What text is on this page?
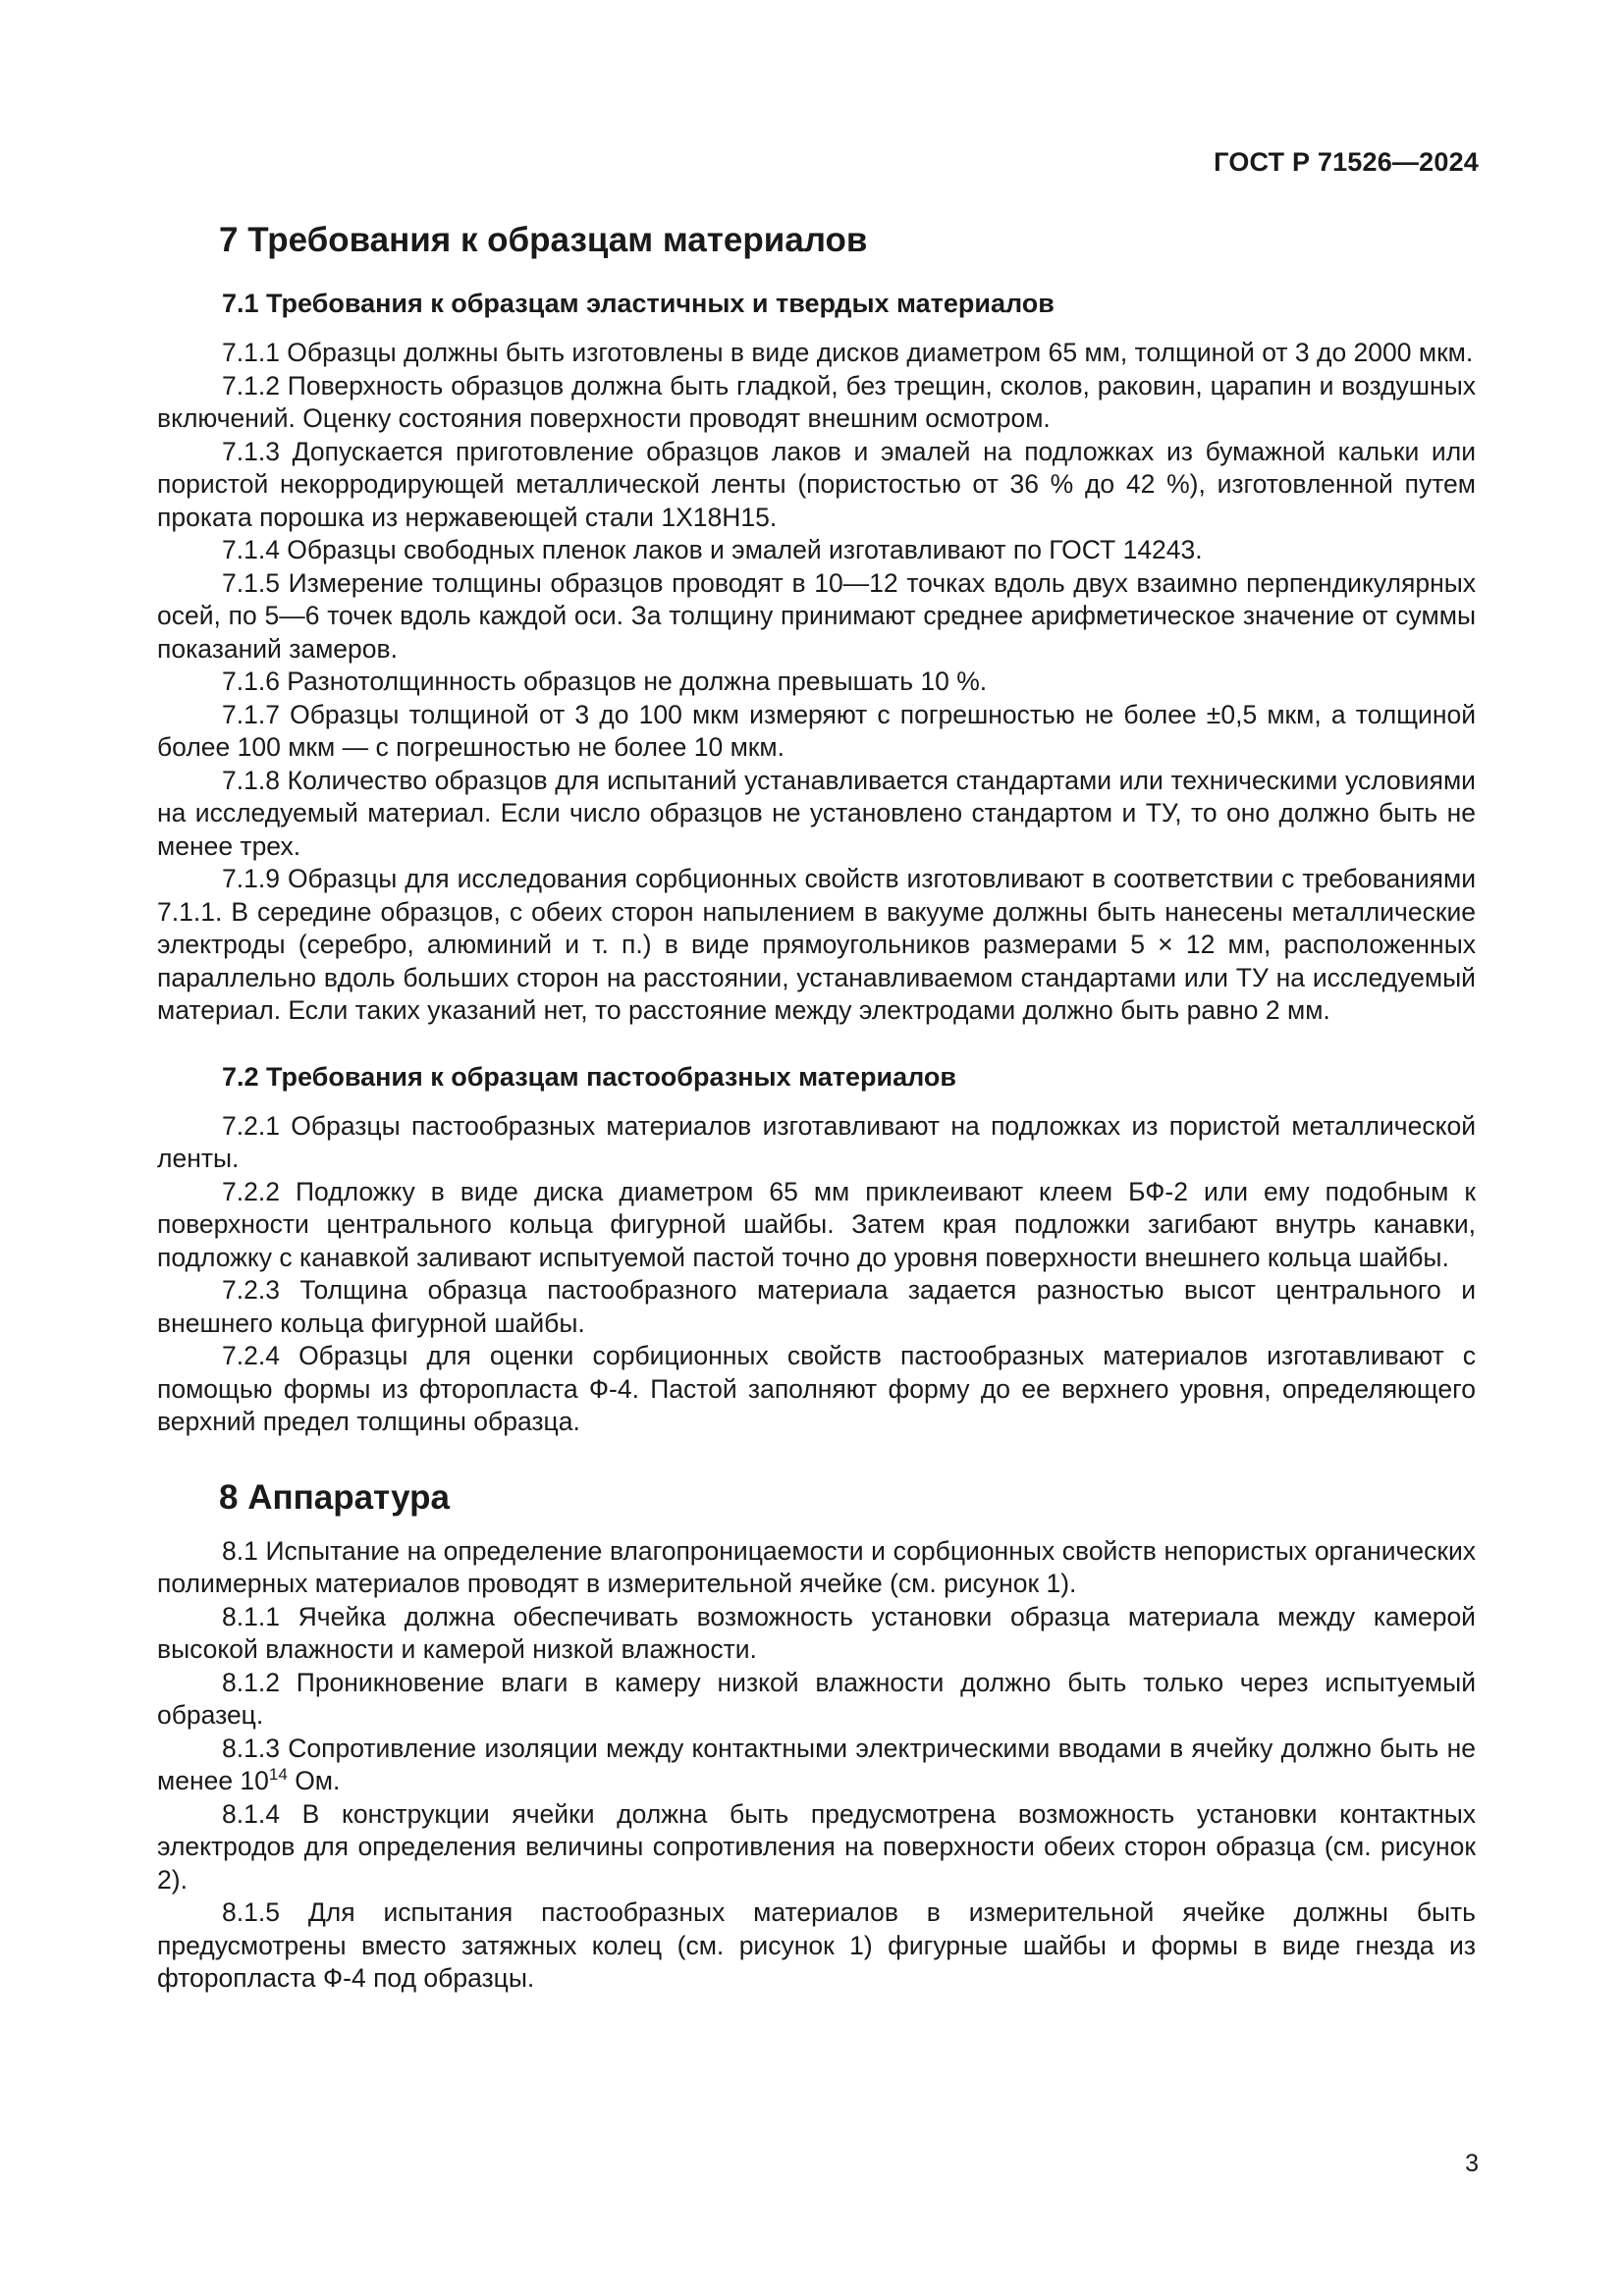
ГОСТ Р 71526—2024
7 Требования к образцам материалов
7.1 Требования к образцам эластичных и твердых материалов

7.1.1 Образцы должны быть изготовлены в виде дисков диаметром 65 мм, толщиной от 3 до 2000 мкм.

7.1.2 Поверхность образцов должна быть гладкой, без трещин, сколов, раковин, царапин и воздушных включений. Оценку состояния поверхности проводят внешним осмотром.

7.1.3 Допускается приготовление образцов лаков и эмалей на подложках из бумажной кальки или пористой некорродирующей металлической ленты (пористостью от 36 % до 42 %), изготовленной путем проката порошка из нержавеющей стали 1Х18Н15.

7.1.4 Образцы свободных пленок лаков и эмалей изготавливают по ГОСТ 14243.

7.1.5 Измерение толщины образцов проводят в 10—12 точках вдоль двух взаимно перпендикулярных осей, по 5—6 точек вдоль каждой оси. За толщину принимают среднее арифметическое значение от суммы показаний замеров.

7.1.6 Разнотолщинность образцов не должна превышать 10 %.

7.1.7 Образцы толщиной от 3 до 100 мкм измеряют с погрешностью не более ±0,5 мкм, а толщиной более 100 мкм — с погрешностью не более 10 мкм.

7.1.8 Количество образцов для испытаний устанавливается стандартами или техническими условиями на исследуемый материал. Если число образцов не установлено стандартом и ТУ, то оно должно быть не менее трех.

7.1.9 Образцы для исследования сорбционных свойств изготовливают в соответствии с требованиями 7.1.1. В середине образцов, с обеих сторон напылением в вакууме должны быть нанесены металлические электроды (серебро, алюминий и т. п.) в виде прямоугольников размерами 5 × 12 мм, расположенных параллельно вдоль больших сторон на расстоянии, устанавливаемом стандартами или ТУ на исследуемый материал. Если таких указаний нет, то расстояние между электродами должно быть равно 2 мм.

7.2 Требования к образцам пастообразных материалов

7.2.1 Образцы пастообразных материалов изготавливают на подложках из пористой металлической ленты.

7.2.2 Подложку в виде диска диаметром 65 мм приклеивают клеем БФ-2 или ему подобным к поверхности центрального кольца фигурной шайбы. Затем края подложки загибают внутрь канавки, подложку с канавкой заливают испытуемой пастой точно до уровня поверхности внешнего кольца шайбы.

7.2.3 Толщина образца пастообразного материала задается разностью высот центрального и внешнего кольца фигурной шайбы.

7.2.4 Образцы для оценки сорбиционных свойств пастообразных материалов изготавливают с помощью формы из фторопласта Ф-4. Пастой заполняют форму до ее верхнего уровня, определяющего верхний предел толщины образца.

8 Аппаратура

8.1 Испытание на определение влагопроницаемости и сорбционных свойств непористых органических полимерных материалов проводят в измерительной ячейке (см. рисунок 1).

8.1.1 Ячейка должна обеспечивать возможность установки образца материала между камерой высокой влажности и камерой низкой влажности.

8.1.2 Проникновение влаги в камеру низкой влажности должно быть только через испытуемый образец.

8.1.3 Сопротивление изоляции между контактными электрическими вводами в ячейку должно быть не менее $10^{14}$ Ом.

8.1.4 В конструкции ячейки должна быть предусмотрена возможность установки контактных электродов для определения величины сопротивления на поверхности обеих сторон образца (см. рисунок 2).

8.1.5 Для испытания пастообразных материалов в измерительной ячейке должны быть предусмотрены вместо затяжных колец (см. рисунок 1) фигурные шайбы и формы в виде гнезда из фторопласта Ф-4 под образцы.

3
